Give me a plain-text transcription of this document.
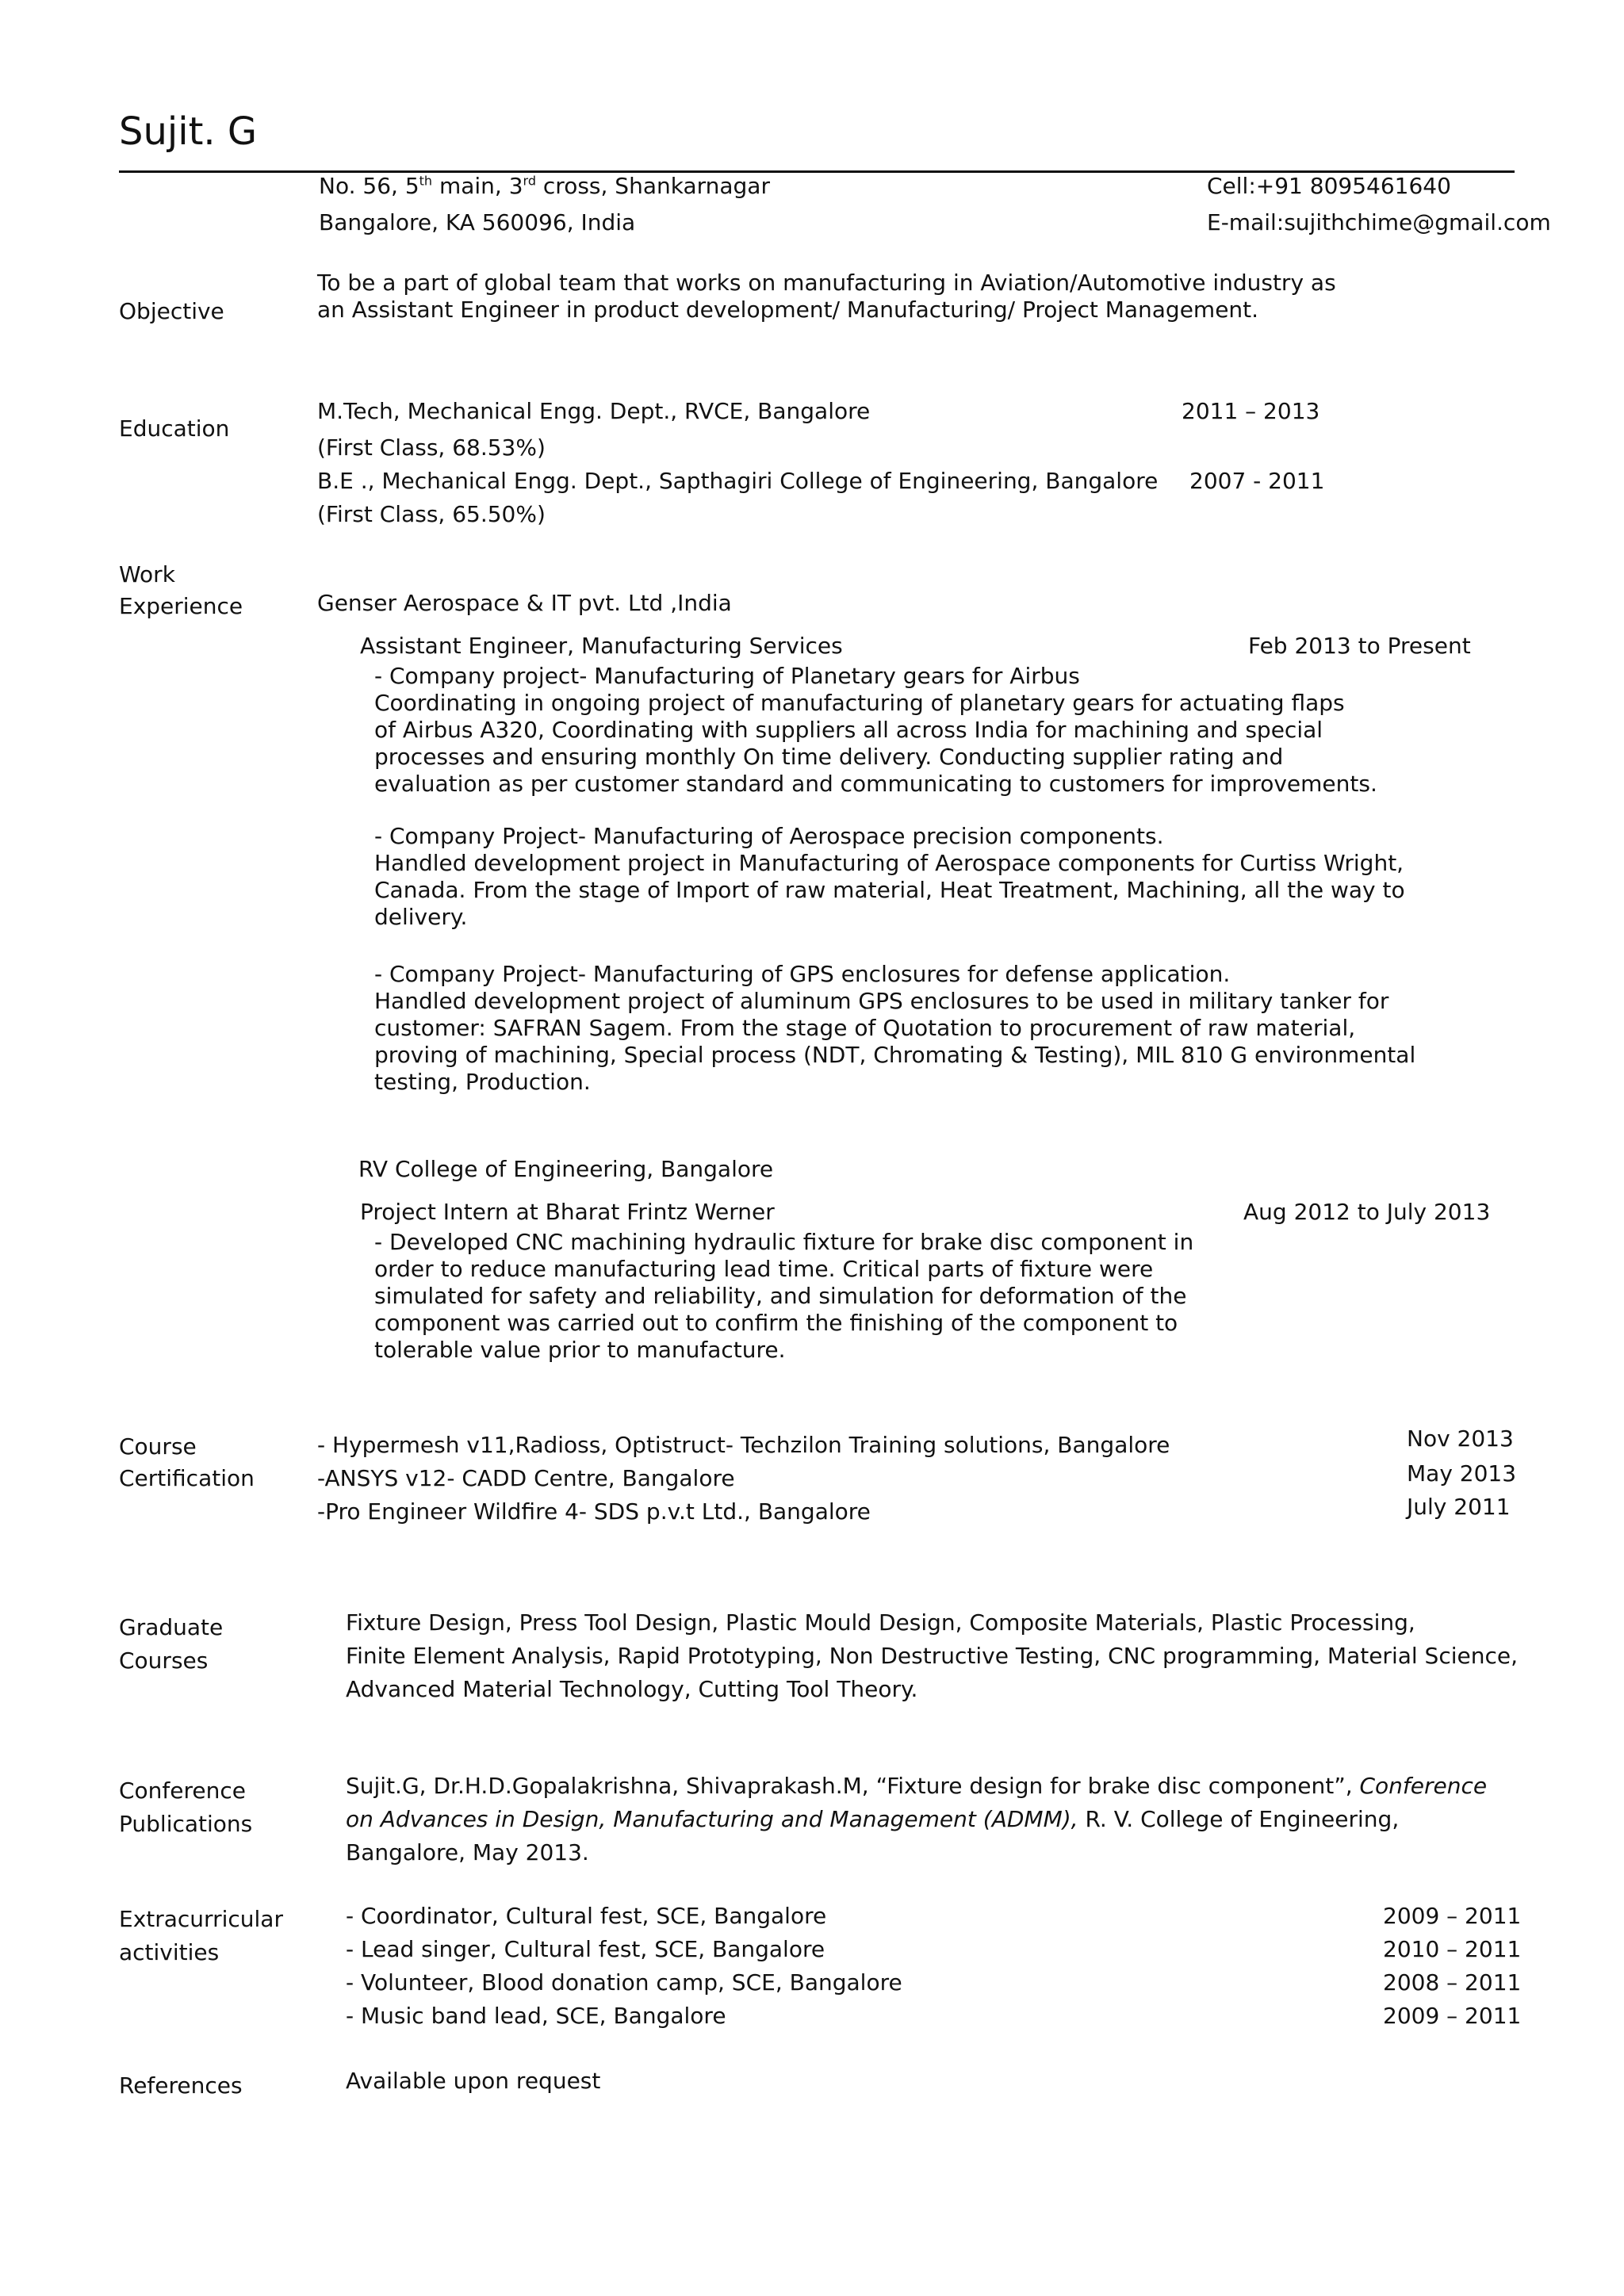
Sujit. G
No. 56, 5th main, 3rd cross, Shankarnagar
Bangalore, KA 560096, India
Cell:+91 8095461640
E-mail:sujithchime@gmail.com
Objective
To be a part of global team that works on manufacturing in Aviation/Automotive industry as
an Assistant Engineer in product development/ Manufacturing/ Project Management.
Education
M.Tech, Mechanical Engg. Dept., RVCE, Bangalore	2011 – 2013
(First Class, 68.53%)
B.E ., Mechanical Engg. Dept., Sapthagiri College of Engineering, Bangalore 2007 - 2011
(First Class, 65.50%)
Work
Experience	Genser Aerospace & IT pvt. Ltd ,India
Assistant Engineer, Manufacturing Services	Feb 2013 to Present

- Company project- Manufacturing of Planetary gears for Airbus

Coordinating in ongoing project of manufacturing of planetary gears for actuating flaps

of Airbus A320, Coordinating with suppliers all across India for machining and special

processes and ensuring monthly On time delivery. Conducting supplier rating and

evaluation as per customer standard and communicating to customers for improvements.

- Company Project- Manufacturing of Aerospace precision components.

Handled development project in Manufacturing of Aerospace components for Curtiss Wright,

Canada. From the stage of Import of raw material, Heat Treatment, Machining, all the way to

delivery.

- Company Project- Manufacturing of GPS enclosures for defense application.

Handled development project of aluminum GPS enclosures to be used in military tanker for

customer: SAFRAN Sagem. From the stage of Quotation to procurement of raw material,

proving of machining, Special process (NDT, Chromating & Testing), MIL 810 G environmental

testing, Production.

RV College of Engineering, Bangalore
Project Intern at Bharat Frintz Werner	Aug 2012 to July 2013

- Developed CNC machining hydraulic fixture for brake disc component in

order to reduce manufacturing lead time. Critical parts of fixture were

simulated for safety and reliability, and simulation for deformation of the

component was carried out to confirm the finishing of the component to

tolerable value prior to manufacture.

Course
Certification
- Hypermesh v11,Radioss, Optistruct- Techzilon Training solutions, Bangalore	Nov 2013
-ANSYS v12- CADD Centre, Bangalore	May 2013
-Pro Engineer Wildfire 4- SDS p.v.t Ltd., Bangalore	July 2011
Graduate
Courses
Fixture Design, Press Tool Design, Plastic Mould Design, Composite Materials, Plastic Processing,
Finite Element Analysis, Rapid Prototyping, Non Destructive Testing, CNC programming, Material Science,
Advanced Material Technology, Cutting Tool Theory.
Conference
Publications
Sujit.G, Dr.H.D.Gopalakrishna, Shivaprakash.M, “Fixture design for brake disc component”, Conference
on Advances in Design, Manufacturing and Management (ADMM), R. V. College of Engineering,
Bangalore, May 2013.
Extracurricular
activities
- Coordinator, Cultural fest, SCE, Bangalore	2009 – 2011
- Lead singer, Cultural fest, SCE, Bangalore	2010 – 2011
- Volunteer, Blood donation camp, SCE, Bangalore	2008 – 2011
- Music band lead, SCE, Bangalore	2009 – 2011
References	Available upon request
